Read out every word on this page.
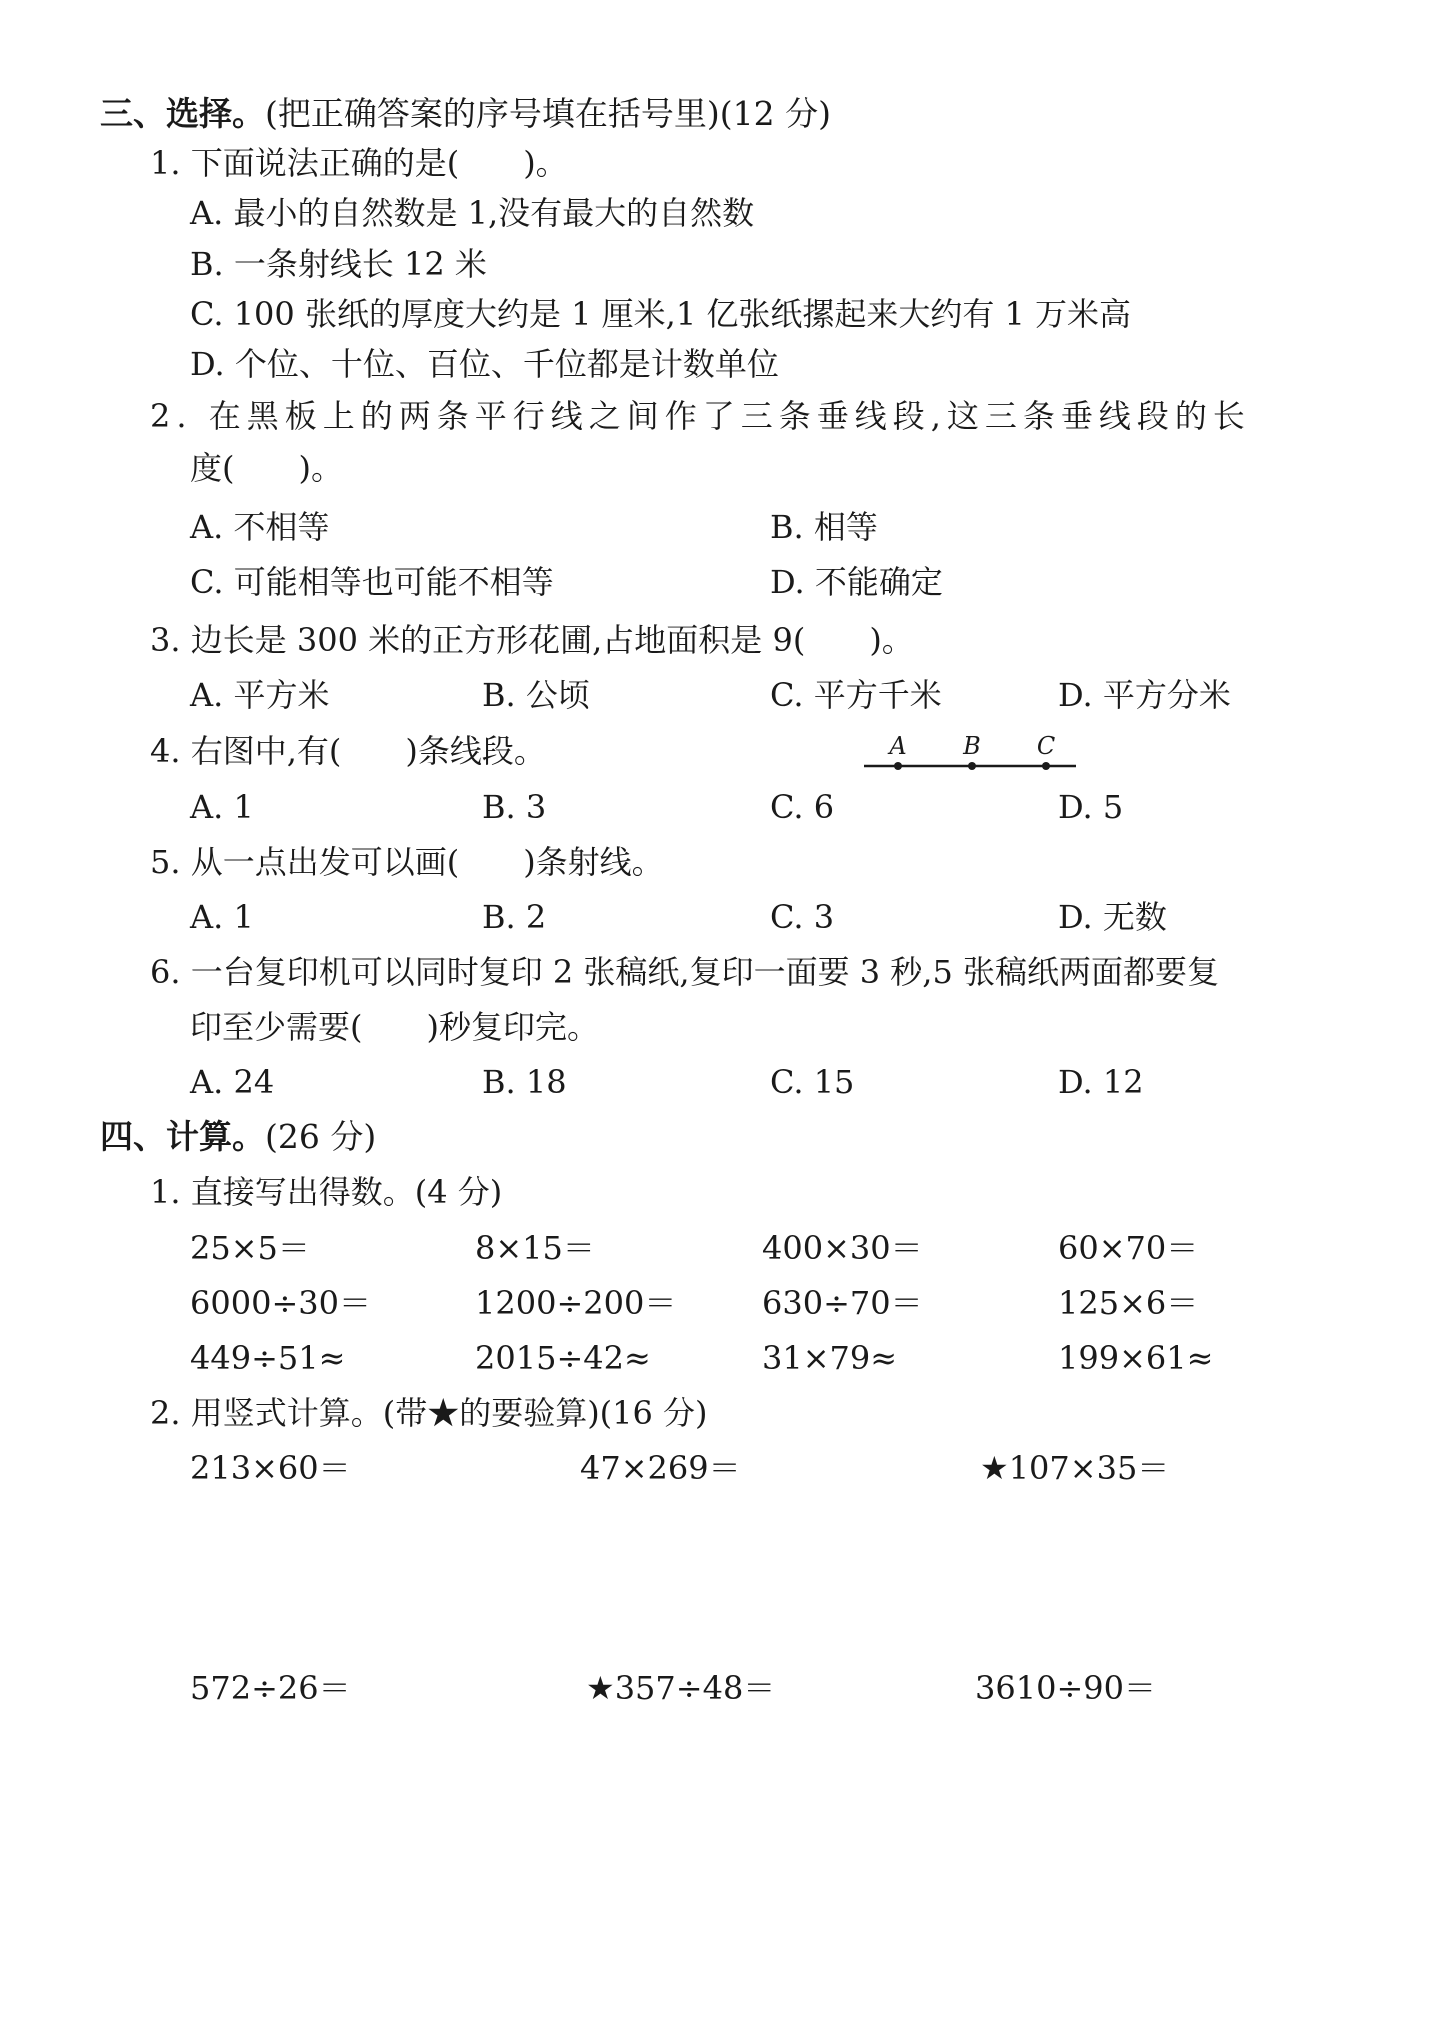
三、选择。(把正确答案的序号填在括号里)(12 分)
1. 下面说法正确的是(　　)。
A. 最小的自然数是 1,没有最大的自然数
B. 一条射线长 12 米
C. 100 张纸的厚度大约是 1 厘米,1 亿张纸摞起来大约有 1 万米高
D. 个位、十位、百位、千位都是计数单位
2. 在黑板上的两条平行线之间作了三条垂线段,这三条垂线段的长
度(　　)。
A. 不相等	B. 相等
C. 可能相等也可能不相等	D. 不能确定
3. 边长是 300 米的正方形花圃,占地面积是 9(　　)。
A. 平方米	B. 公顷	C. 平方千米	D. 平方分米
4. 右图中,有(　　)条线段。	A B C
A. 1	B. 3	C. 6	D. 5
5. 从一点出发可以画(　　)条射线。
A. 1	B. 2	C. 3	D. 无数
6. 一台复印机可以同时复印 2 张稿纸,复印一面要 3 秒,5 张稿纸两面都要复
印至少需要(　　)秒复印完。
A. 24	B. 18	C. 15	D. 12
四、计算。(26 分)
1. 直接写出得数。(4 分)
25×5＝	8×15＝	400×30＝	60×70＝
6000÷30＝	1200÷200＝	630÷70＝	125×6＝
449÷51≈	2015÷42≈	31×79≈	199×61≈
2. 用竖式计算。(带★的要验算)(16 分)
213×60＝	47×269＝	★107×35＝
572÷26＝	★357÷48＝	3610÷90＝
